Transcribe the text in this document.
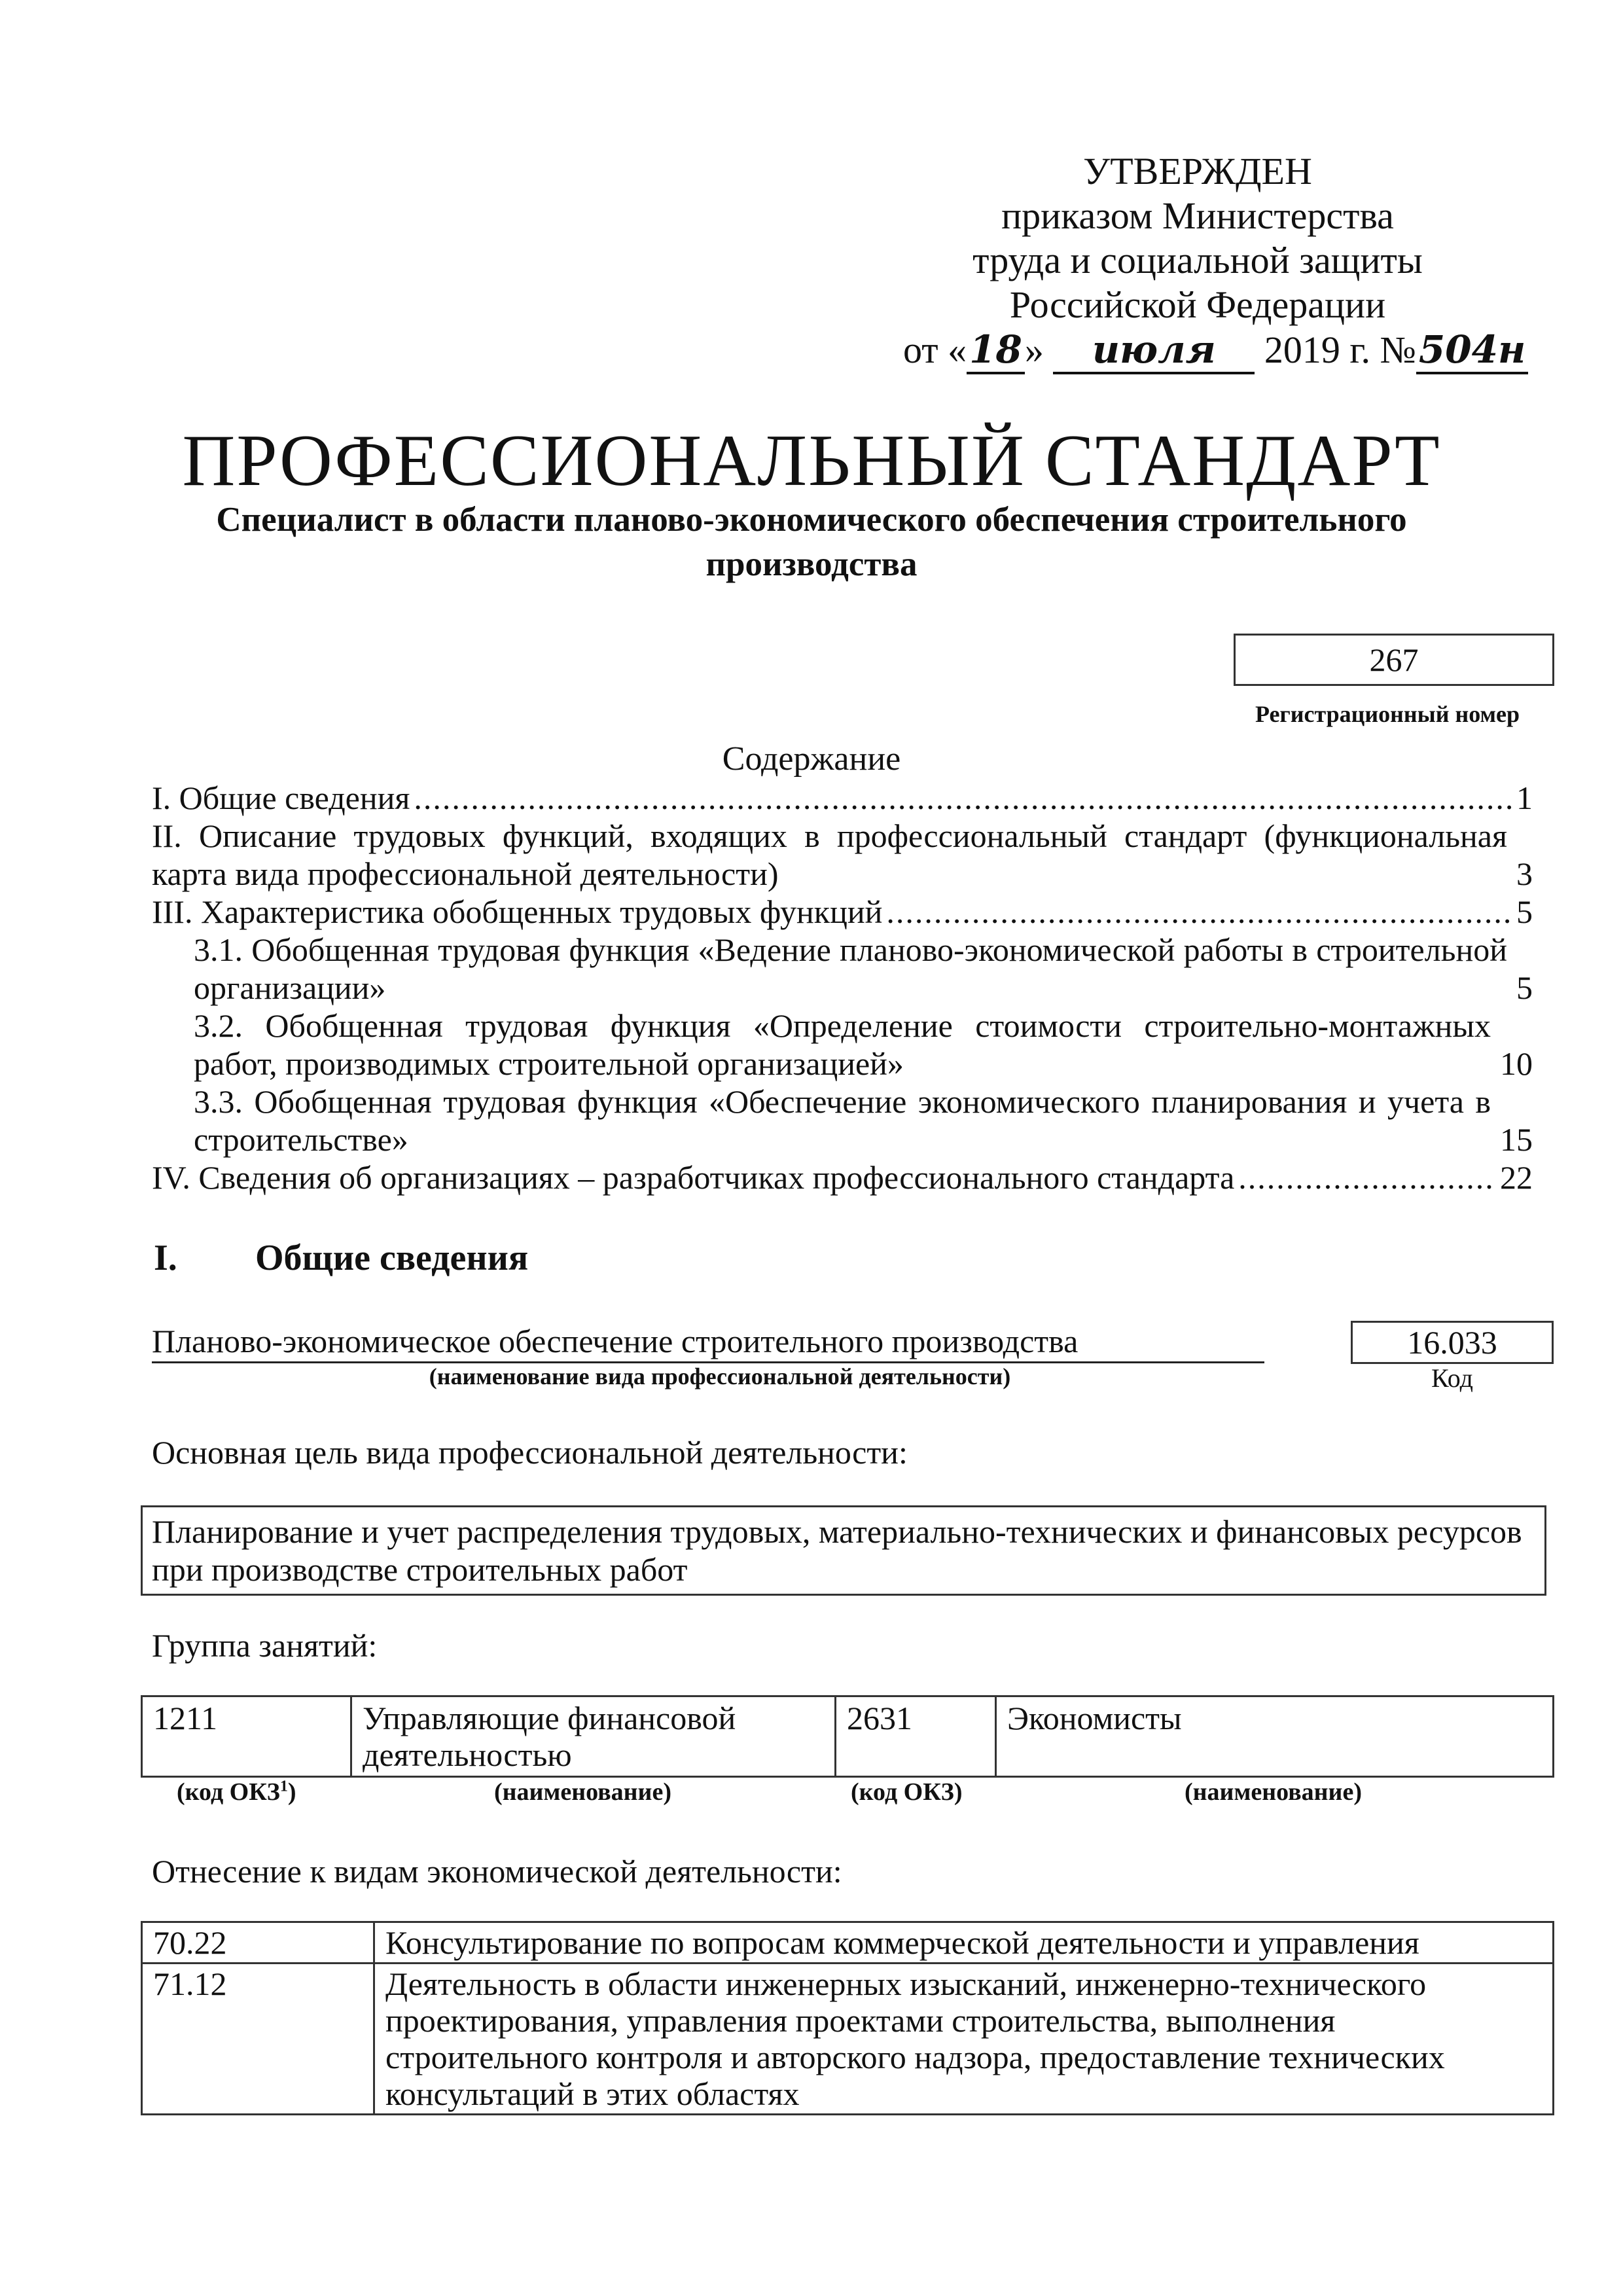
УТВЕРЖДЕН
приказом Министерства
труда и социальной защиты
Российской Федерации
от «18» июля 2019 г. №504н
ПРОФЕССИОНАЛЬНЫЙ СТАНДАРТ
Специалист в области планово-экономического обеспечения строительного производства
267
Регистрационный номер
Содержание
I. Общие сведения .....	1
II. Описание трудовых функций, входящих в профессиональный стандарт (функциональная карта вида профессиональной деятельности)	3
III. Характеристика обобщенных трудовых функций .....	5
3.1. Обобщенная трудовая функция «Ведение планово-экономической работы в строительной организации»	5
3.2. Обобщенная трудовая функция «Определение стоимости строительно-монтажных работ, производимых строительной организацией»	10
3.3. Обобщенная трудовая функция «Обеспечение экономического планирования и учета в строительстве»	15
IV. Сведения об организациях – разработчиках профессионального стандарта .....	22
I. Общие сведения
Планово-экономическое обеспечение строительного производства
(наименование вида профессиональной деятельности)
16.033
Код
Основная цель вида профессиональной деятельности:
Планирование и учет распределения трудовых, материально-технических и финансовых ресурсов при производстве строительных работ
Группа занятий:
1211	Управляющие финансовой деятельностью	2631	Экономисты
(код ОКЗ$^1$)	(наименование)	(код ОКЗ)	(наименование)
Отнесение к видам экономической деятельности:
70.22	Консультирование по вопросам коммерческой деятельности и управления
71.12	Деятельность в области инженерных изысканий, инженерно-технического проектирования, управления проектами строительства, выполнения строительного контроля и авторского надзора, предоставление технических консультаций в этих областях
